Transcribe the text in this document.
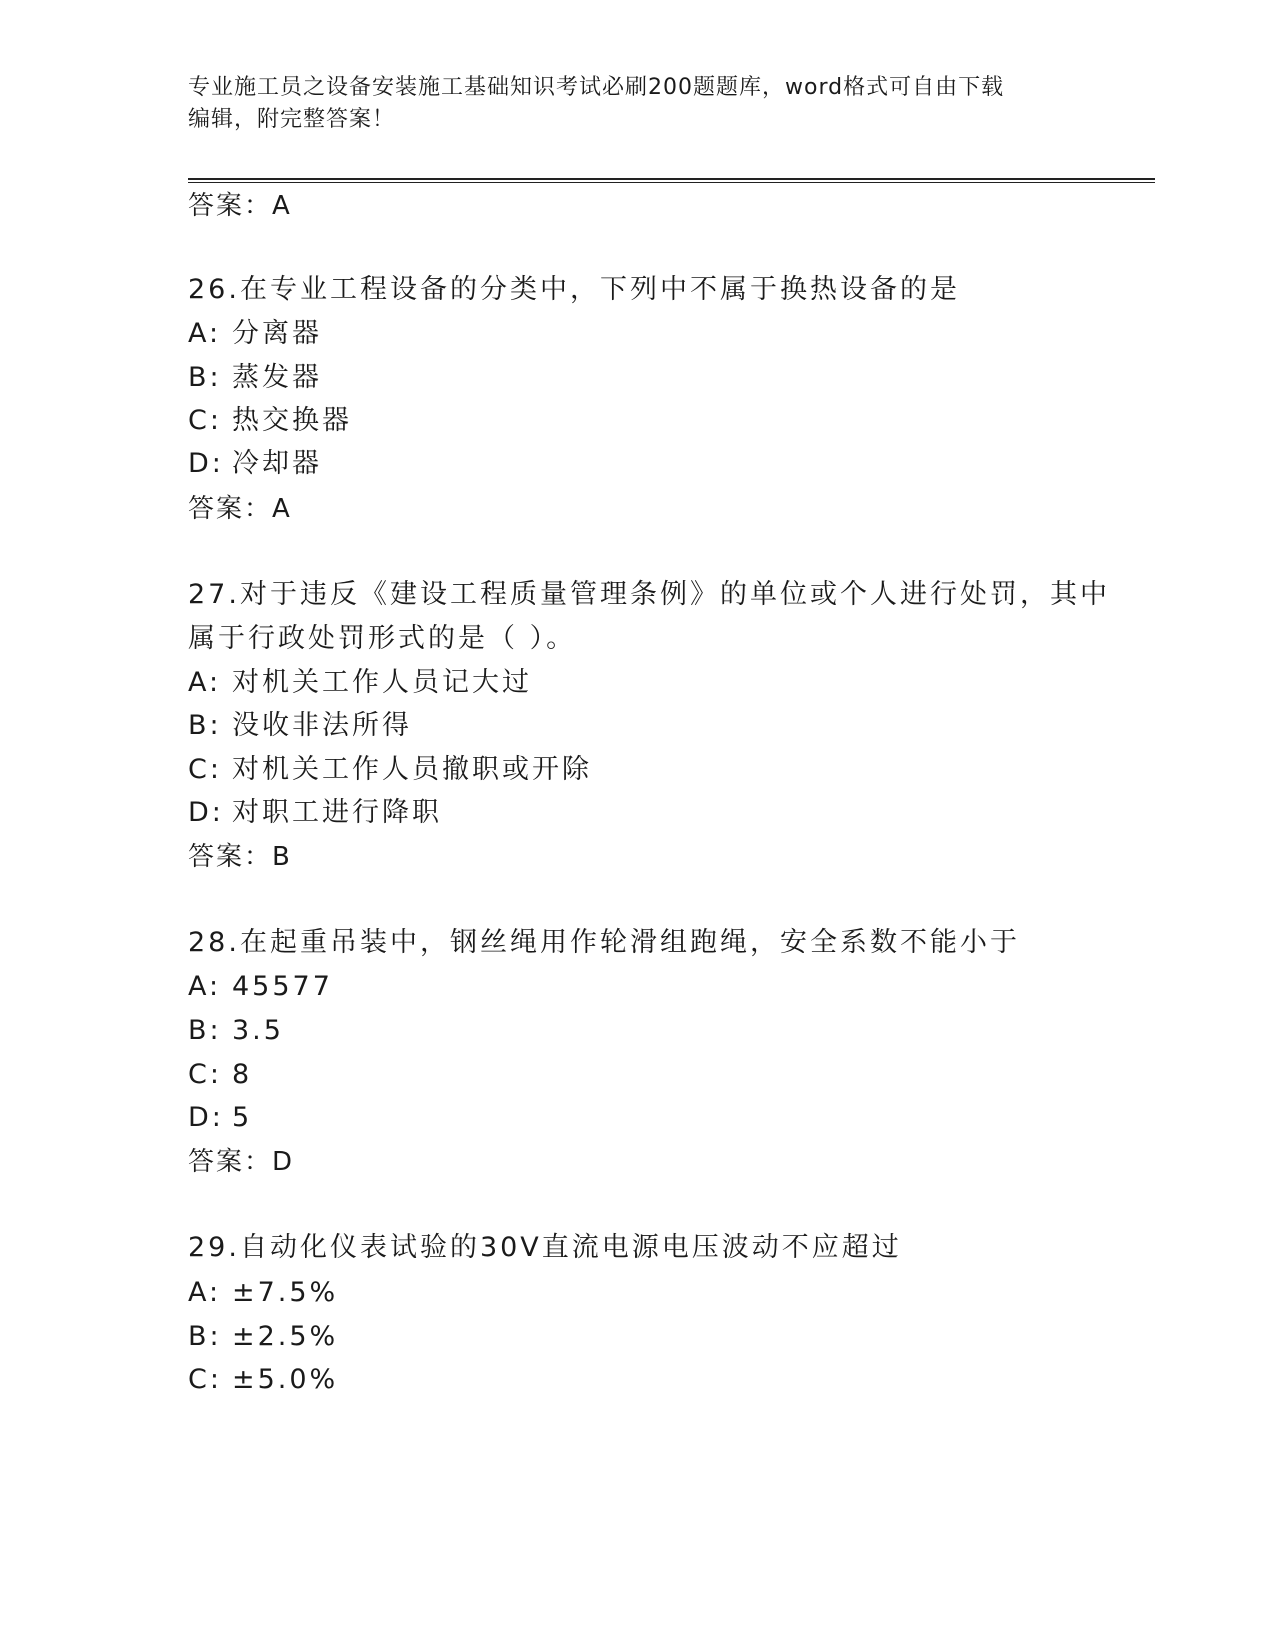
专业施工员之设备安装施工基础知识考试必刷200题题库，word格式可自由下载
编辑，附完整答案！
答案：A
26.在专业工程设备的分类中，下列中不属于换热设备的是
A: 分离器
B: 蒸发器
C: 热交换器
D: 冷却器
答案：A
27.对于违反《建设工程质量管理条例》的单位或个人进行处罚，其中
属于行政处罚形式的是（ ）。
A: 对机关工作人员记大过
B: 没收非法所得
C: 对机关工作人员撤职或开除
D: 对职工进行降职
答案：B
28.在起重吊装中，钢丝绳用作轮滑组跑绳，安全系数不能小于
A: 45577
B: 3.5
C: 8
D: 5
答案：D
29.自动化仪表试验的30V直流电源电压波动不应超过
A: ±7.5%
B: ±2.5%
C: ±5.0%
